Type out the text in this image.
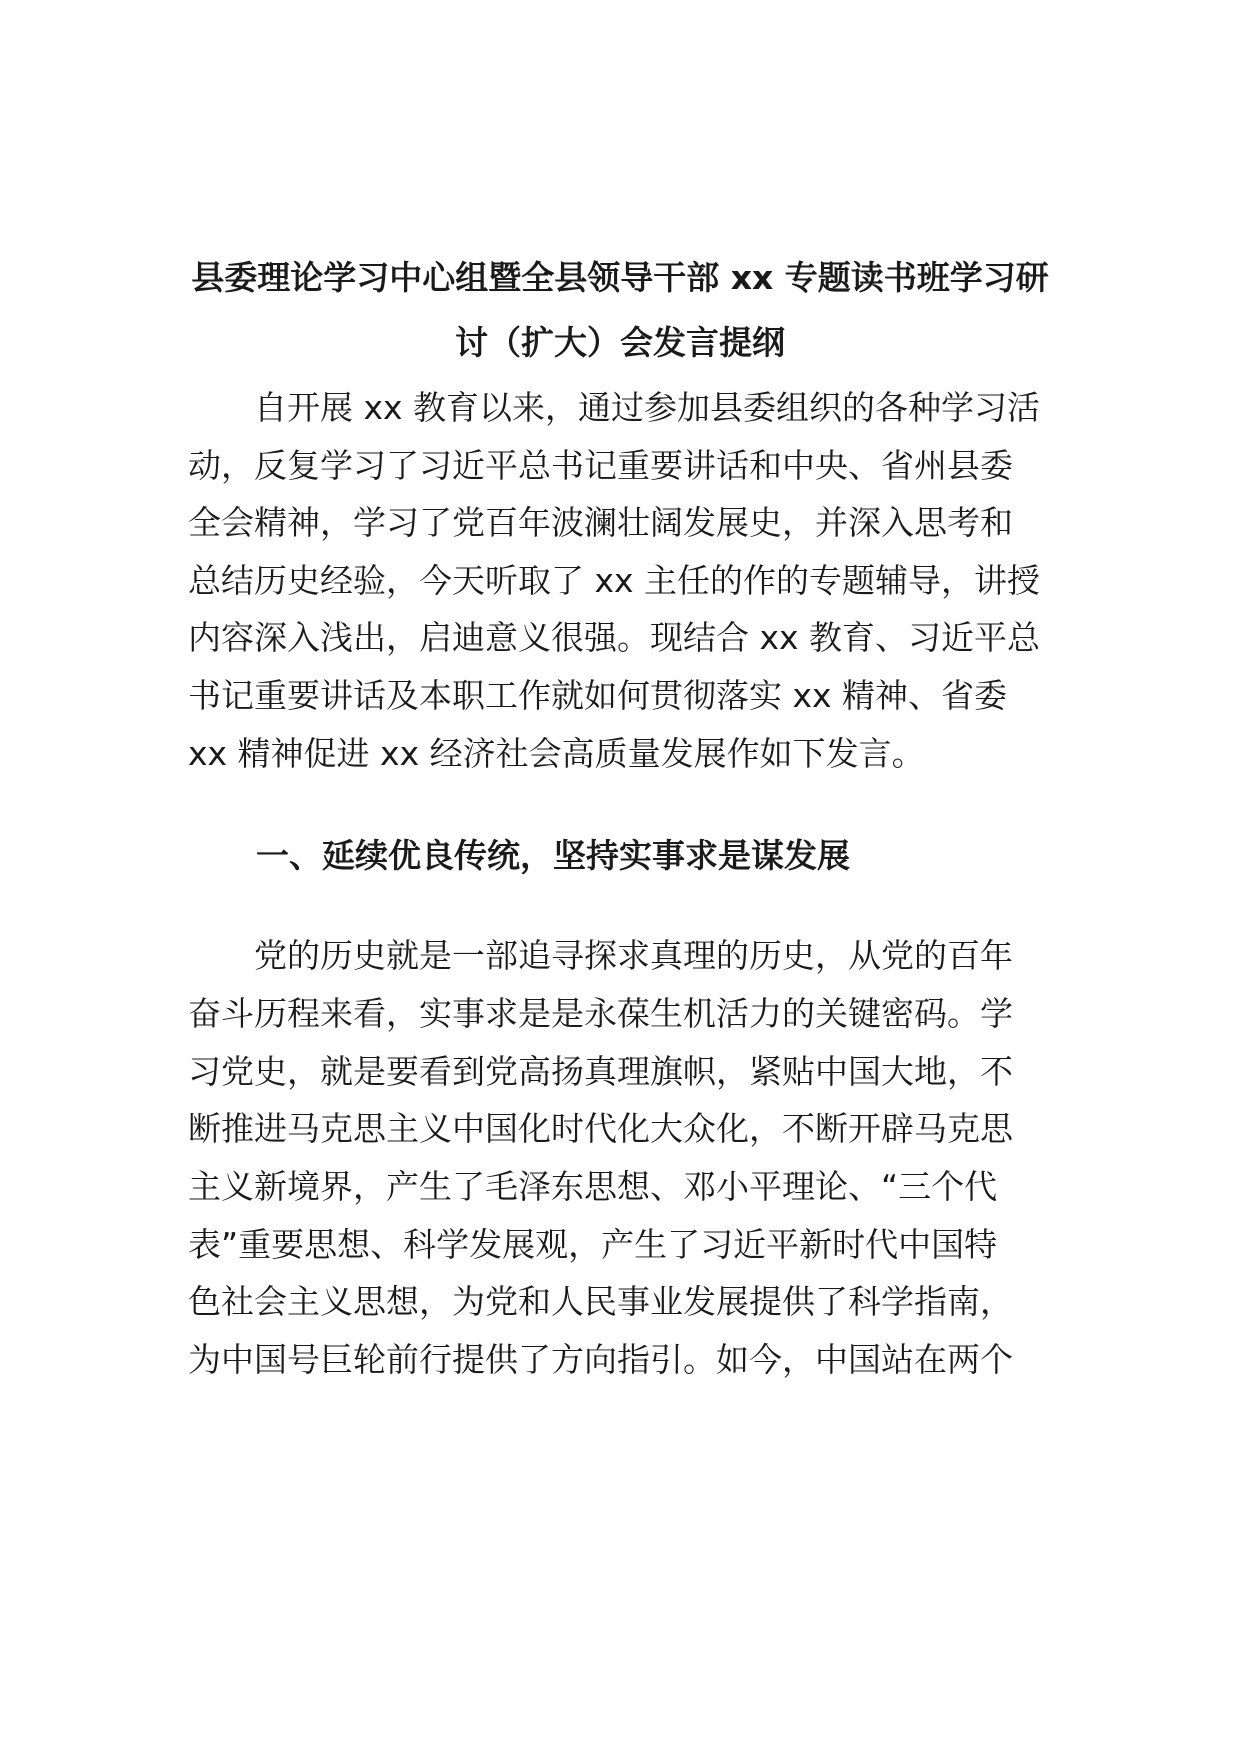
县委理论学习中心组暨全县领导干部 xx 专题读书班学习研
讨（扩大）会发言提纲
　　自开展 xx 教育以来，通过参加县委组织的各种学习活
动，反复学习了习近平总书记重要讲话和中央、省州县委
全会精神，学习了党百年波澜壮阔发展史，并深入思考和
总结历史经验，今天听取了 xx 主任的作的专题辅导，讲授
内容深入浅出，启迪意义很强。现结合 xx 教育、习近平总
书记重要讲话及本职工作就如何贯彻落实 xx 精神、省委
xx 精神促进 xx 经济社会高质量发展作如下发言。
一、延续优良传统，坚持实事求是谋发展
　　党的历史就是一部追寻探求真理的历史，从党的百年
奋斗历程来看，实事求是是永葆生机活力的关键密码。学
习党史，就是要看到党高扬真理旗帜，紧贴中国大地，不
断推进马克思主义中国化时代化大众化，不断开辟马克思
主义新境界，产生了毛泽东思想、邓小平理论、“三个代
表”重要思想、科学发展观，产生了习近平新时代中国特
色社会主义思想，为党和人民事业发展提供了科学指南，
为中国号巨轮前行提供了方向指引。如今，中国站在两个
